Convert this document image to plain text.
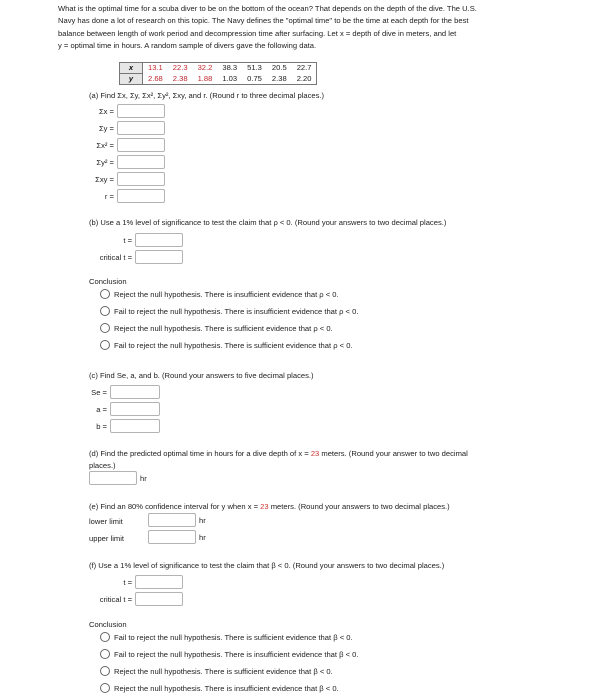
What is the optimal time for a scuba diver to be on the bottom of the ocean? That depends on the depth of the dive. The U.S.
Navy has done a lot of research on this topic. The Navy defines the "optimal time" to be the time at each depth for the best
balance between length of work period and decompression time after surfacing. Let x = depth of dive in meters, and let
y = optimal time in hours. A random sample of divers gave the following data.
x	13.1	22.3	32.2	38.3	51.3	20.5	22.7
y	2.68	2.38	1.88	1.03	0.75	2.38	2.20
(a) Find Σx, Σy, Σx², Σy², Σxy, and r. (Round r to three decimal places.)
Σx =
Σy =
Σx² =
Σy² =
Σxy =
r =
(b) Use a 1% level of significance to test the claim that ρ < 0. (Round your answers to two decimal places.)
t =
critical t =
Conclusion
Reject the null hypothesis. There is insufficient evidence that ρ < 0.
Fail to reject the null hypothesis. There is insufficient evidence that ρ < 0.
Reject the null hypothesis. There is sufficient evidence that ρ < 0.
Fail to reject the null hypothesis. There is sufficient evidence that ρ < 0.
(c) Find Se, a, and b. (Round your answers to five decimal places.)
Se =
a =
b =
(d) Find the predicted optimal time in hours for a dive depth of x = 23 meters. (Round your answer to two decimal
places.)
hr
(e) Find an 80% confidence interval for y when x = 23 meters. (Round your answers to two decimal places.)
lower limit	hr
upper limit	hr
(f) Use a 1% level of significance to test the claim that β < 0. (Round your answers to two decimal places.)
t =
critical t =
Conclusion
Fail to reject the null hypothesis. There is sufficient evidence that β < 0.
Fail to reject the null hypothesis. There is insufficient evidence that β < 0.
Reject the null hypothesis. There is sufficient evidence that β < 0.
Reject the null hypothesis. There is insufficient evidence that β < 0.
